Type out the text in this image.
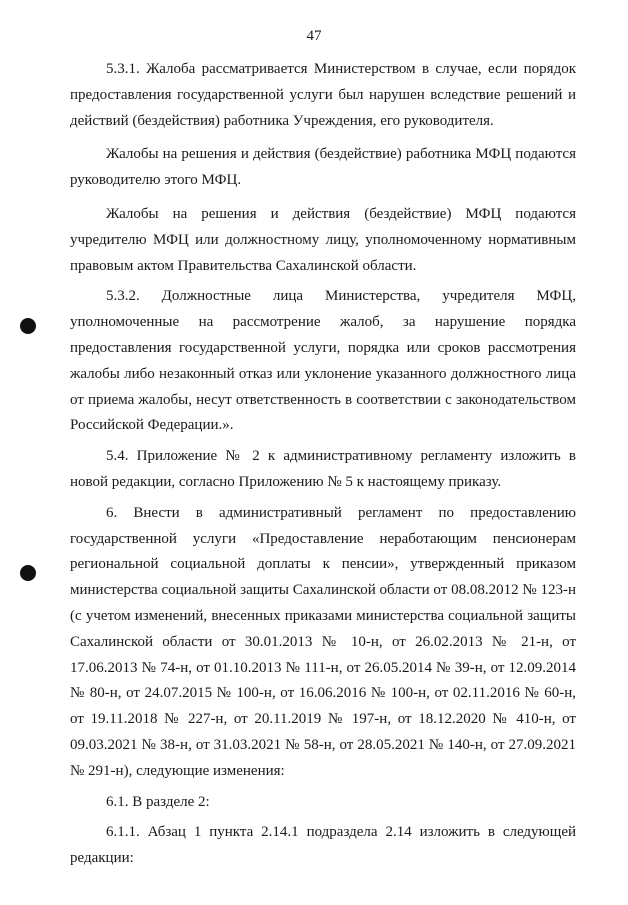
47

5.3.1. Жалоба рассматривается Министерством в случае, если порядок предоставления государственной услуги был нарушен вследствие решений и действий (бездействия) работника Учреждения, его руководителя.

Жалобы на решения и действия (бездействие) работника МФЦ подаются руководителю этого МФЦ.

Жалобы на решения и действия (бездействие) МФЦ подаются учредителю МФЦ или должностному лицу, уполномоченному нормативным правовым актом Правительства Сахалинской области.

5.3.2. Должностные лица Министерства, учредителя МФЦ, уполномоченные на рассмотрение жалоб, за нарушение порядка предоставления государственной услуги, порядка или сроков рассмотрения жалобы либо незаконный отказ или уклонение указанного должностного лица от приема жалобы, несут ответственность в соответствии с законодательством Российской Федерации.».

5.4. Приложение № 2 к административному регламенту изложить в новой редакции, согласно Приложению № 5 к настоящему приказу.

6. Внести в административный регламент по предоставлению государственной услуги «Предоставление неработающим пенсионерам региональной социальной доплаты к пенсии», утвержденный приказом министерства социальной защиты Сахалинской области от 08.08.2012 № 123-н (с учетом изменений, внесенных приказами министерства социальной защиты Сахалинской области от 30.01.2013 № 10-н, от 26.02.2013 № 21-н, от 17.06.2013 № 74-н, от 01.10.2013 № 111-н, от 26.05.2014 № 39-н, от 12.09.2014 № 80-н, от 24.07.2015 № 100-н, от 16.06.2016 № 100-н, от 02.11.2016 № 60-н, от 19.11.2018 № 227-н, от 20.11.2019 № 197-н, от 18.12.2020 № 410-н, от 09.03.2021 № 38-н, от 31.03.2021 № 58-н, от 28.05.2021 № 140-н, от 27.09.2021 № 291-н), следующие изменения:

6.1. В разделе 2:

6.1.1. Абзац 1 пункта 2.14.1 подраздела 2.14 изложить в следующей редакции:
